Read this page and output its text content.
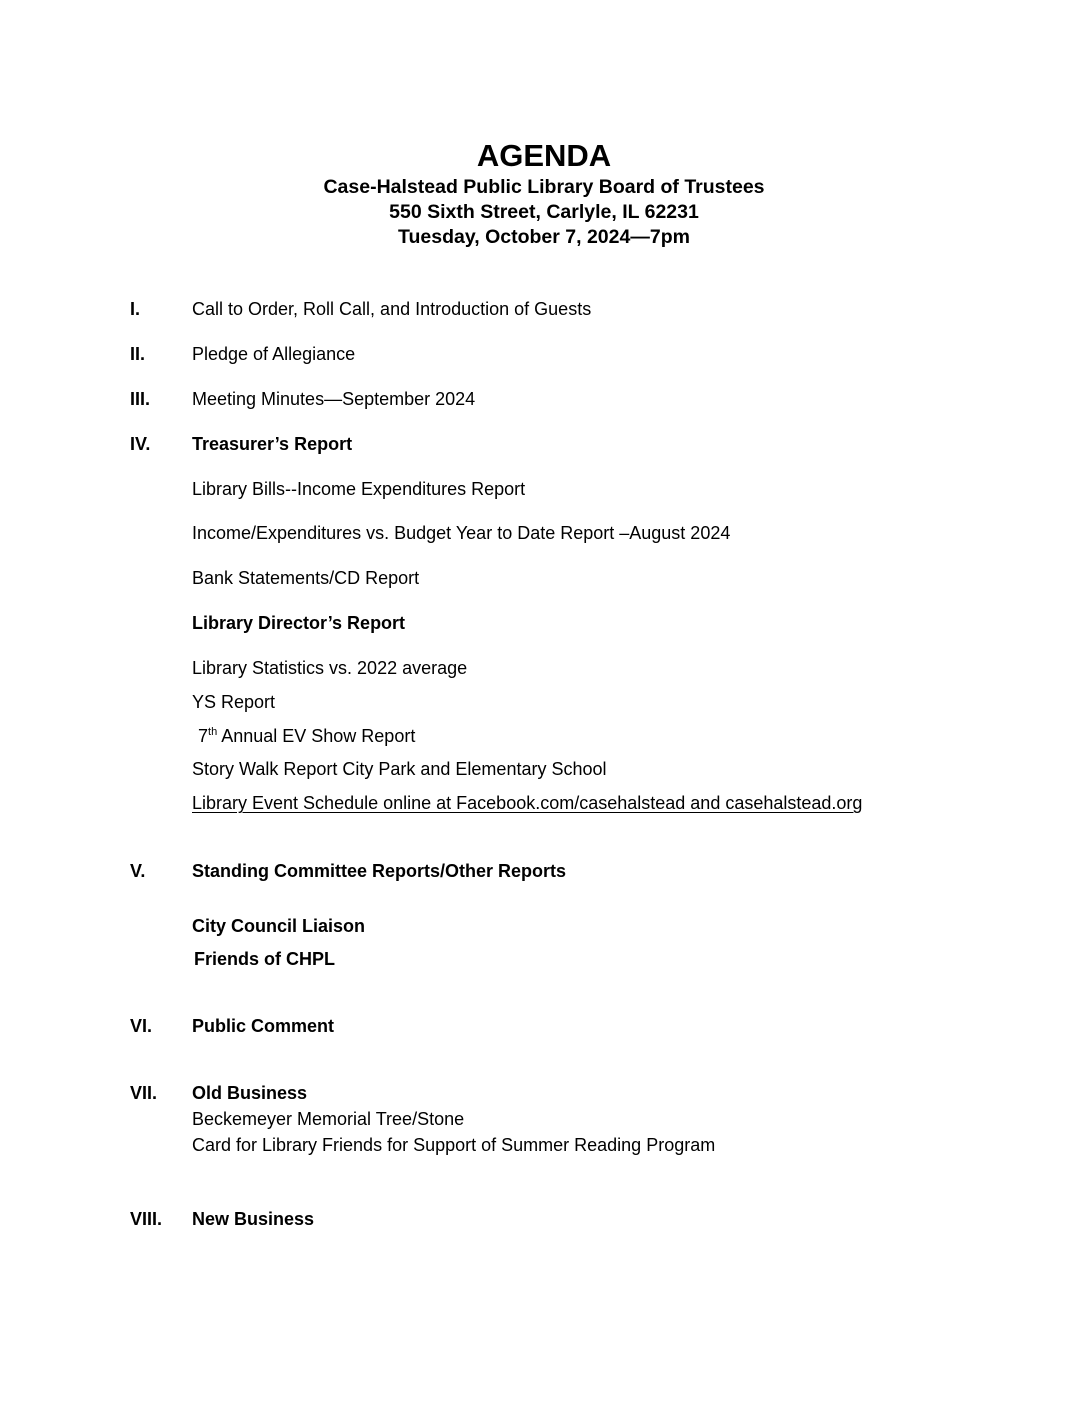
AGENDA
Case-Halstead Public Library Board of Trustees
550 Sixth Street, Carlyle, IL 62231
Tuesday, October 7, 2024—7pm
I.	Call to Order, Roll Call, and Introduction of Guests
II.	Pledge of Allegiance
III. Meeting Minutes—September 2024
IV. Treasurer’s Report
Library Bills--Income Expenditures Report
Income/Expenditures vs. Budget Year to Date Report –August 2024
Bank Statements/CD Report
Library Director’s Report
Library Statistics vs. 2022 average
YS Report
7th Annual EV Show Report
Story Walk Report City Park and Elementary School
Library Event Schedule online at Facebook.com/casehalstead and casehalstead.org
V.	Standing Committee Reports/Other Reports
City Council Liaison
Friends of CHPL
VI. Public Comment
VII. Old Business
Beckemeyer Memorial Tree/Stone
Card for Library Friends for Support of Summer Reading Program
VIII. New Business
